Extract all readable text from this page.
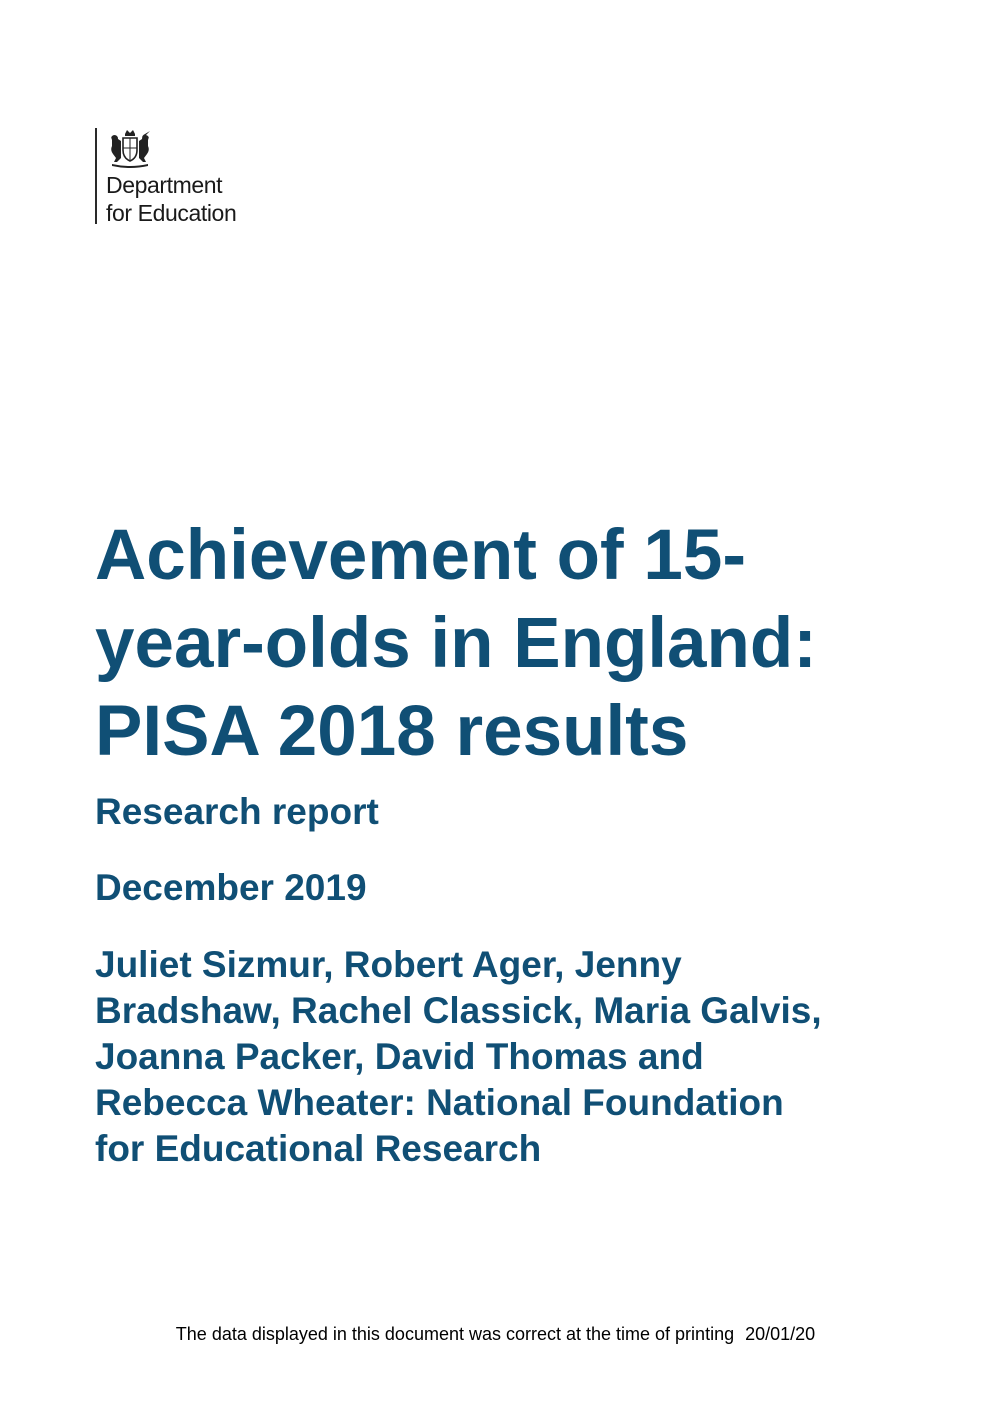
Department
for Education
Achievement of 15-
year-olds in England:
PISA 2018 results
Research report
December 2019
Juliet Sizmur, Robert Ager, Jenny
Bradshaw, Rachel Classick, Maria Galvis,
Joanna Packer, David Thomas and
Rebecca Wheater: National Foundation
for Educational Research
The data displayed in this document was correct at the time of printing 20/01/20
